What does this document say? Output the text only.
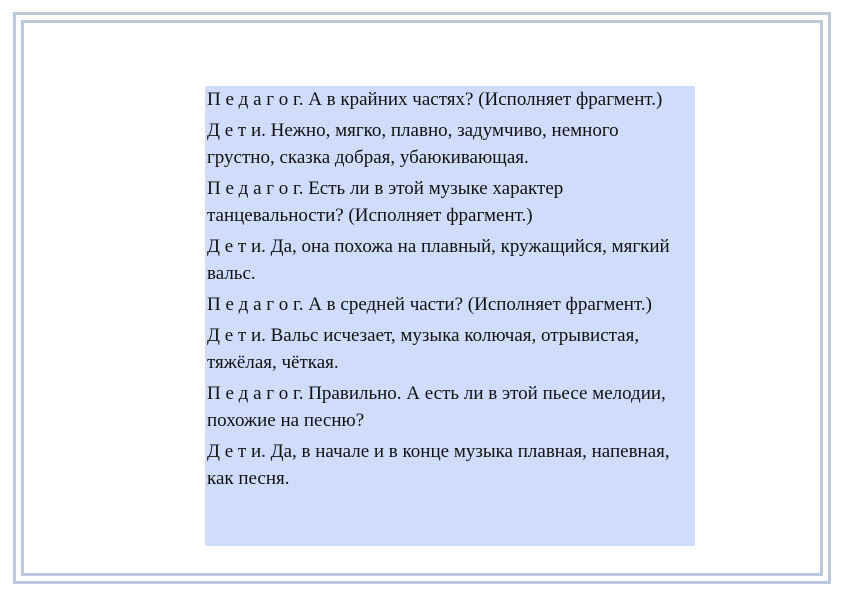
П е д а г о г. А в крайних частях? (Исполняет фрагмент.)

Д е т и. Нежно, мягко, плавно, задумчиво, немного грустно, сказка добрая, убаюкивающая.

П е д а г о г. Есть ли в этой музыке характер танцевальности? (Исполняет фрагмент.)

Д е т и. Да, она похожа на плавный, кружащийся, мягкий вальс.

П е д а г о г. А в средней части? (Исполняет фрагмент.)

Д е т и. Вальс исчезает, музыка колючая, отрывистая, тяжёлая, чёткая.

П е д а г о г. Правильно. А есть ли в этой пьесе мелодии, похожие на песню?

Д е т и. Да, в начале и в конце музыка плавная, напевная, как песня.
